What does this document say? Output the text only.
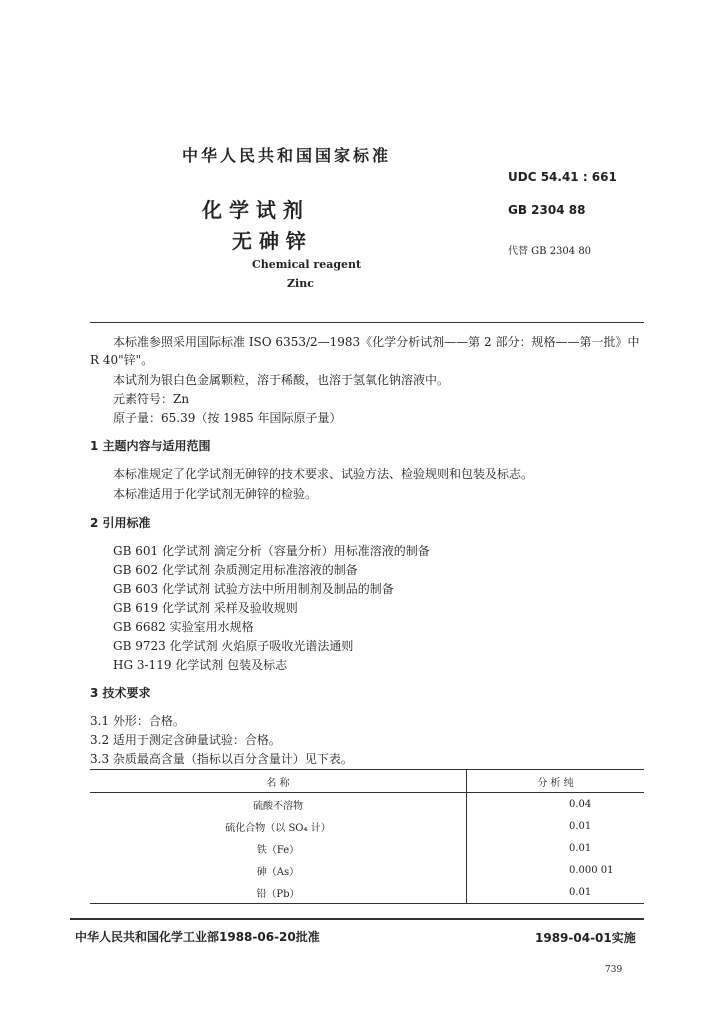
中华人民共和国国家标准
化 学 试 剂
无 砷 锌
Chemical reagent
Zinc
UDC 54.41 : 661
GB 2304 88
代替 GB 2304 80
本标准参照采用国际标准 ISO 6353/2—1983《化学分析试剂——第 2 部分：规格——第一批》中
R 40"锌"。
本试剂为银白色金属颗粒，溶于稀酸，也溶于氢氧化钠溶液中。
元素符号：Zn
原子量：65.39（按 1985 年国际原子量）
1 主题内容与适用范围
本标准规定了化学试剂无砷锌的技术要求、试验方法、检验规则和包装及标志。
本标准适用于化学试剂无砷锌的检验。
2 引用标准
GB 601 化学试剂 滴定分析（容量分析）用标准溶液的制备
GB 602 化学试剂 杂质测定用标准溶液的制备
GB 603 化学试剂 试验方法中所用制剂及制品的制备
GB 619 化学试剂 采样及验收规则
GB 6682 实验室用水规格
GB 9723 化学试剂 火焰原子吸收光谱法通则
HG 3-119 化学试剂 包装及标志
3 技术要求
3.1 外形：合格。
3.2 适用于测定含砷量试验：合格。
3.3 杂质最高含量（指标以百分含量计）见下表。
名 称	分 析 纯
硫酸不溶物	0.04
硫化合物（以 SO₄ 计）	0.01
铁（Fe）	0.01
砷（As）	0.000 01
铅（Pb）	0.01
中华人民共和国化学工业部1988-06-20批准	1989-04-01实施
739
